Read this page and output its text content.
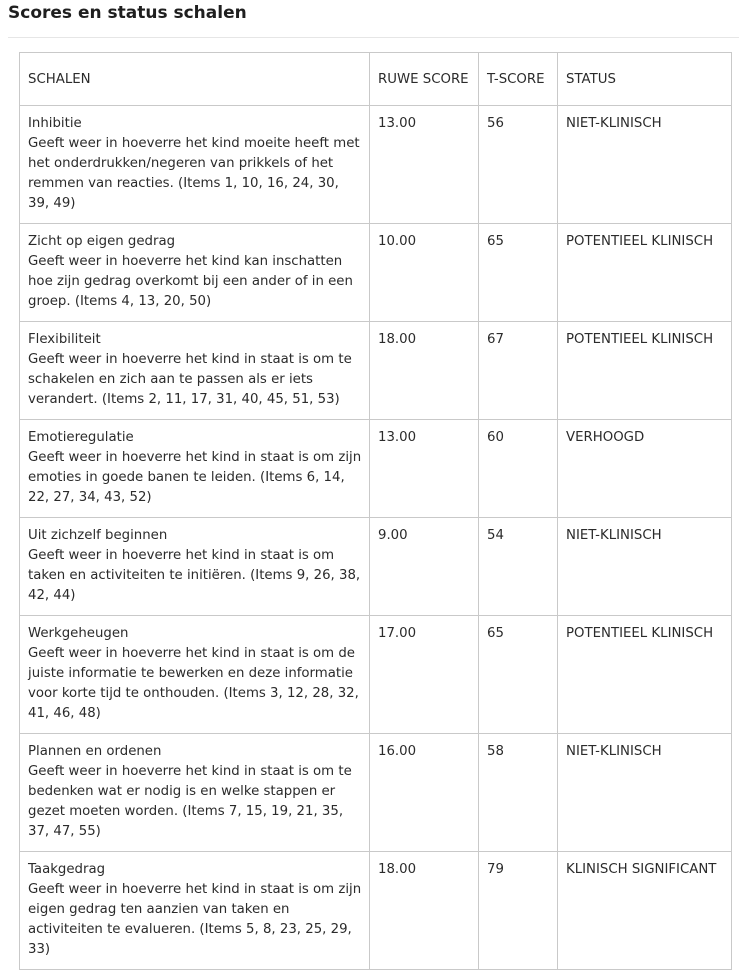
Scores en status schalen
SCHALEN	RUWE SCORE	T-SCORE	STATUS

Inhibitie
Geeft weer in hoeverre het kind moeite heeft met het onderdrukken/negeren van prikkels of het remmen van reacties. (Items 1, 10, 16, 24, 30, 39, 49)	13.00	56	NIET-KLINISCH

Zicht op eigen gedrag
Geeft weer in hoeverre het kind kan inschatten hoe zijn gedrag overkomt bij een ander of in een groep. (Items 4, 13, 20, 50)	10.00	65	POTENTIEEL KLINISCH

Flexibiliteit
Geeft weer in hoeverre het kind in staat is om te schakelen en zich aan te passen als er iets verandert. (Items 2, 11, 17, 31, 40, 45, 51, 53)	18.00	67	POTENTIEEL KLINISCH

Emotieregulatie
Geeft weer in hoeverre het kind in staat is om zijn emoties in goede banen te leiden. (Items 6, 14, 22, 27, 34, 43, 52)	13.00	60	VERHOOGD

Uit zichzelf beginnen
Geeft weer in hoeverre het kind in staat is om taken en activiteiten te initiëren. (Items 9, 26, 38, 42, 44)	9.00	54	NIET-KLINISCH

Werkgeheugen
Geeft weer in hoeverre het kind in staat is om de juiste informatie te bewerken en deze informatie voor korte tijd te onthouden. (Items 3, 12, 28, 32, 41, 46, 48)	17.00	65	POTENTIEEL KLINISCH

Plannen en ordenen
Geeft weer in hoeverre het kind in staat is om te bedenken wat er nodig is en welke stappen er gezet moeten worden. (Items 7, 15, 19, 21, 35, 37, 47, 55)	16.00	58	NIET-KLINISCH

Taakgedrag
Geeft weer in hoeverre het kind in staat is om zijn eigen gedrag ten aanzien van taken en activiteiten te evalueren. (Items 5, 8, 23, 25, 29, 33)	18.00	79	KLINISCH SIGNIFICANT
